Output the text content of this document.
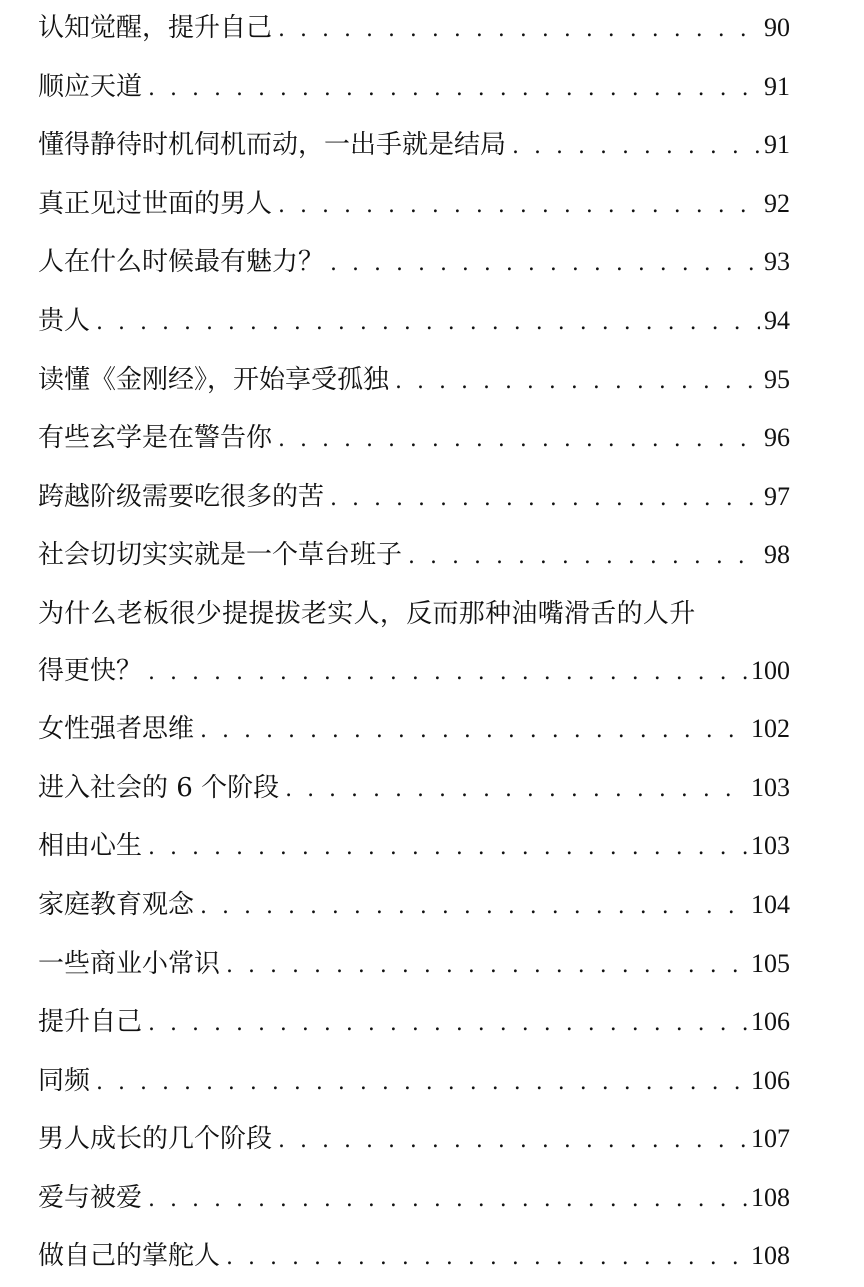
认知觉醒，提升自己 . . .	90
顺应天道 . . .	91
懂得静待时机伺机而动，一出手就是结局 . . .	91
真正见过世面的男人 . . .	92
人在什么时候最有魅力？ . . .	93
贵人 . . .	94
读懂《金刚经》，开始享受孤独 . . .	95
有些玄学是在警告你 . . .	96
跨越阶级需要吃很多的苦 . . .	97
社会切切实实就是一个草台班子 . . .	98
为什么老板很少提提拔老实人，反而那种油嘴滑舌的人升
得更快？ . . .	100
女性强者思维 . . .	102
进入社会的 6 个阶段 . . .	103
相由心生 . . .	103
家庭教育观念 . . .	104
一些商业小常识 . . .	105
提升自己 . . .	106
同频 . . .	106
男人成长的几个阶段 . . .	107
爱与被爱 . . .	108
做自己的掌舵人 . . .	108
